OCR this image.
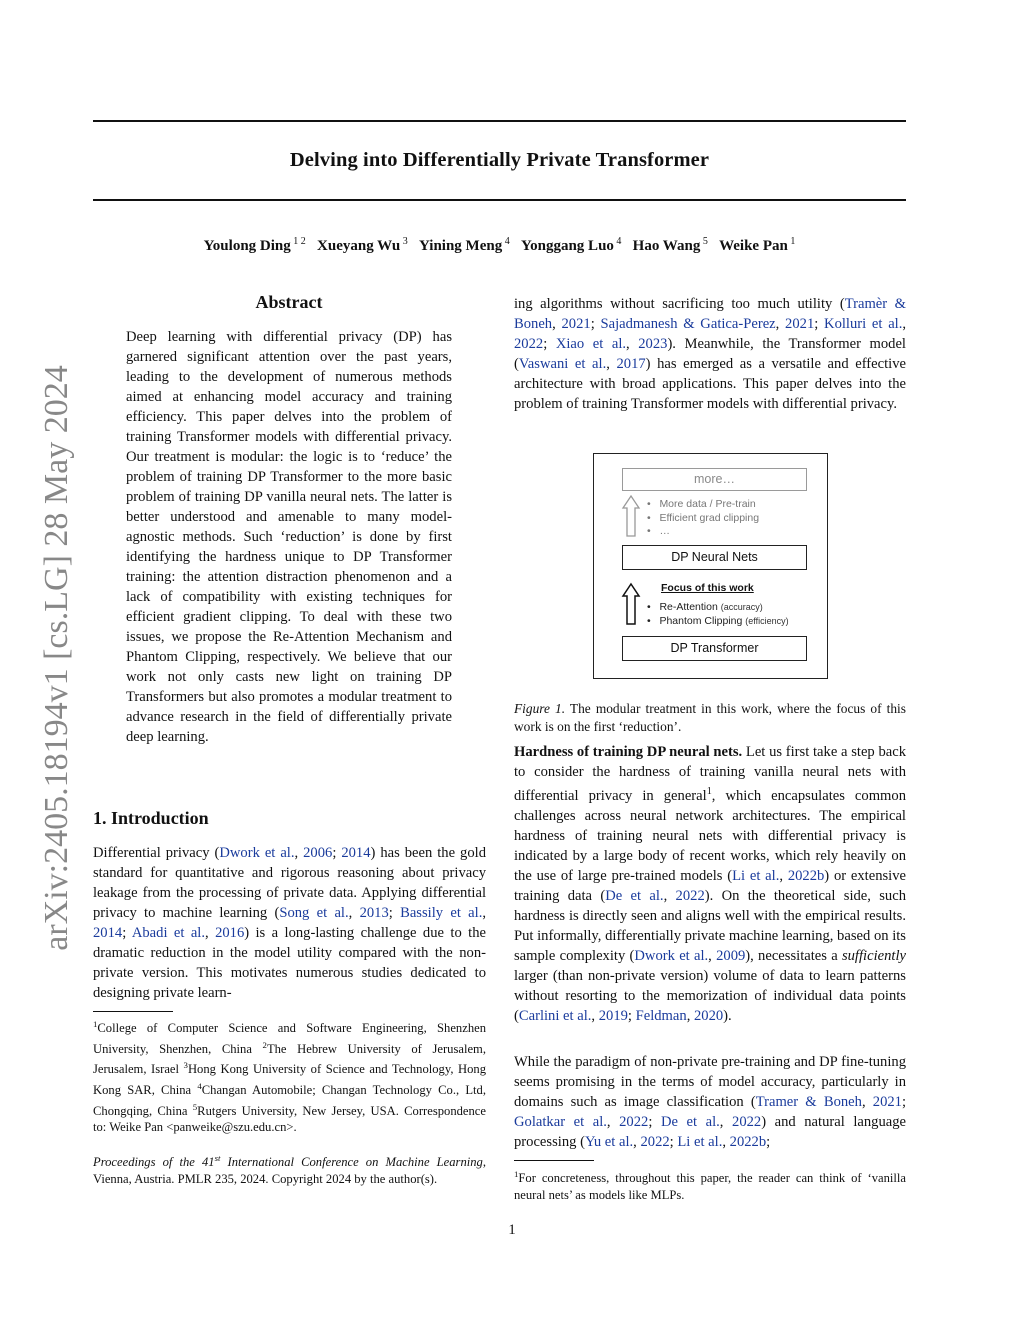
arXiv:2405.18194v1 [cs.LG] 28 May 2024
Delving into Differentially Private Transformer
Youlong Ding $^{1 2}$ Xueyang Wu $^3$ Yining Meng $^4$ Yonggang Luo $^4$ Hao Wang $^5$ Weike Pan $^1$
Abstract
Deep learning with differential privacy (DP) has garnered significant attention over the past years, leading to the development of numerous methods aimed at enhancing model accuracy and training efficiency. This paper delves into the problem of training Transformer models with differential privacy. Our treatment is modular: the logic is to ‘reduce’ the problem of training DP Transformer to the more basic problem of training DP vanilla neural nets. The latter is better understood and amenable to many model-agnostic methods. Such ‘reduction’ is done by first identifying the hardness unique to DP Transformer training: the attention distraction phenomenon and a lack of compatibility with existing techniques for efficient gradient clipping. To deal with these two issues, we propose the Re-Attention Mechanism and Phantom Clipping, respectively. We believe that our work not only casts new light on training DP Transformers but also promotes a modular treatment to advance research in the field of differentially private deep learning.
1. Introduction
Differential privacy (Dwork et al., 2006; 2014) has been the gold standard for quantitative and rigorous reasoning about privacy leakage from the processing of private data. Applying differential privacy to machine learning (Song et al., 2013; Bassily et al., 2014; Abadi et al., 2016) is a long-lasting challenge due to the dramatic reduction in the model utility compared with the non-private version. This motivates numerous studies dedicated to designing private learn-
$^1$College of Computer Science and Software Engineering, Shenzhen University, Shenzhen, China $^2$The Hebrew University of Jerusalem, Jerusalem, Israel $^3$Hong Kong University of Science and Technology, Hong Kong SAR, China $^4$Changan Automobile; Changan Technology Co., Ltd, Chongqing, China $^5$Rutgers University, New Jersey, USA. Correspondence to: Weike Pan <panweike@szu.edu.cn>.
Proceedings of the 41st International Conference on Machine Learning, Vienna, Austria. PMLR 235, 2024. Copyright 2024 by the author(s).
ing algorithms without sacrificing too much utility (Tramèr & Boneh, 2021; Sajadmanesh & Gatica-Perez, 2021; Kolluri et al., 2022; Xiao et al., 2023). Meanwhile, the Transformer model (Vaswani et al., 2017) has emerged as a versatile and effective architecture with broad applications. This paper delves into the problem of training Transformer models with differential privacy.
more…
•   More data / Pre-train
•   Efficient grad clipping
•   …
DP Neural Nets
Focus of this work
•   Re-Attention (accuracy)
•   Phantom Clipping (efficiency)
DP Transformer
Figure 1. The modular treatment in this work, where the focus of this work is on the first ‘reduction’.
Hardness of training DP neural nets. Let us first take a step back to consider the hardness of training vanilla neural nets with differential privacy in general$^1$, which encapsulates common challenges across neural network architectures. The empirical hardness of training neural nets with differential privacy is indicated by a large body of recent works, which rely heavily on the use of large pre-trained models (Li et al., 2022b) or extensive training data (De et al., 2022). On the theoretical side, such hardness is directly seen and aligns well with the empirical results. Put informally, differentially private machine learning, based on its sample complexity (Dwork et al., 2009), necessitates a sufficiently larger (than non-private version) volume of data to learn patterns without resorting to the memorization of individual data points (Carlini et al., 2019; Feldman, 2020).
While the paradigm of non-private pre-training and DP fine-tuning seems promising in the terms of model accuracy, particularly in domains such as image classification (Tramer & Boneh, 2021; Golatkar et al., 2022; De et al., 2022) and natural language processing (Yu et al., 2022; Li et al., 2022b;
$^1$For concreteness, throughout this paper, the reader can think of ‘vanilla neural nets’ as models like MLPs.
1
